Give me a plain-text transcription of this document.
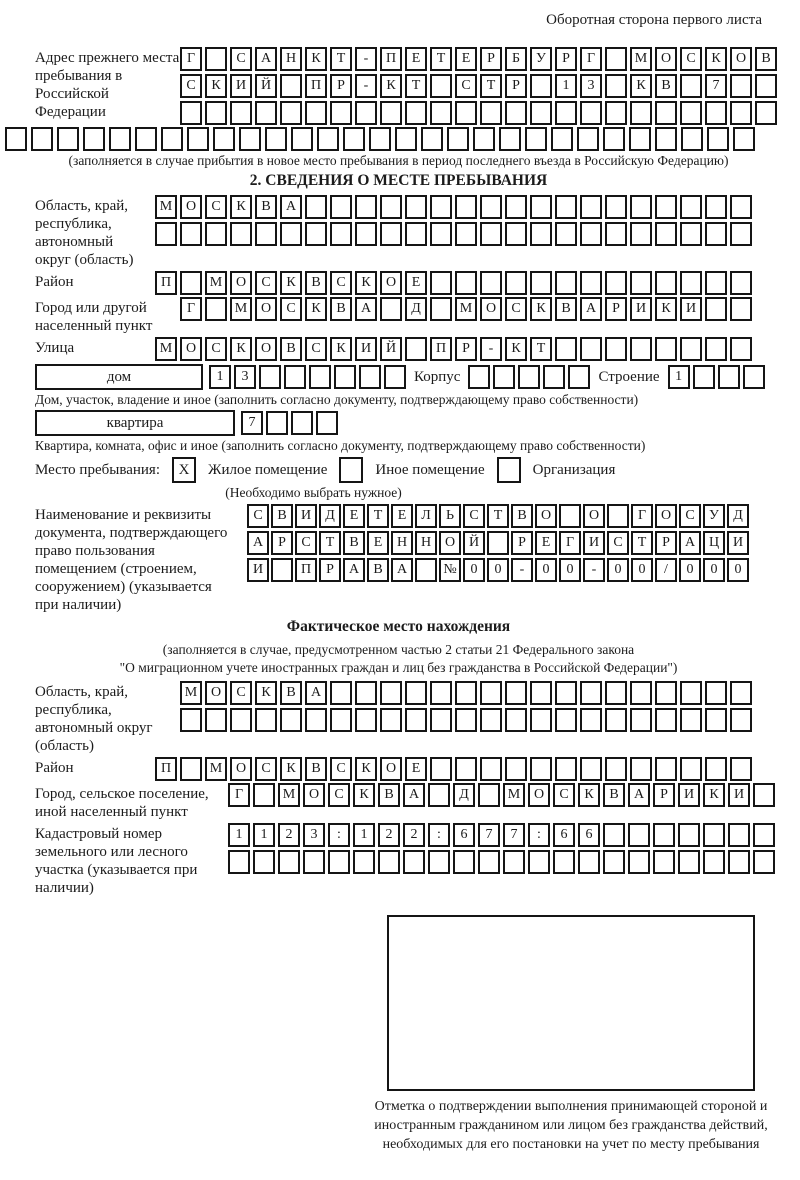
Оборотная сторона первого листа
Адрес прежнего места пребывания в Российской Федерации
Г	С	А	Н	К	Т	-	П	Е	Т	Е	Р	Б	У	Р	Г	М О	С	К	О	В
С	К	И	Й	П	Р	-	К	Т	С	Т	Р	1	3	К	В	7
(заполняется в случае прибытия в новое место пребывания в период последнего въезда в Российскую Федерацию)
2. СВЕДЕНИЯ О МЕСТЕ ПРЕБЫВАНИЯ
Область, край, республика, автономный округ (область)
М О	С	К	В	А
Район	П	М О	С	К	В	С	К	О	Е
Город или другой населенный пункт
Г	М О	С	К	В	А	Д	М О	С	К	В	А	Р	И	К	И
Улица	М О	С	К	О	В	С	К	И	Й	П	Р	-	К	Т
дом	1	3	Корпус	Строение	1
Дом, участок, владение и иное (заполнить согласно документу, подтверждающему право собственности)
квартира	7
Квартира, комната, офис и иное (заполнить согласно документу, подтверждающему право собственности)
Место пребывания:	X	Жилое помещение	Иное помещение	Организация
(Необходимо выбрать нужное)
Наименование и реквизиты документа, подтверждающего право пользования помещением (строением, сооружением) (указывается при наличии)
С	В	И	Д	Е	Т	Е	Л	Ь	С	Т	В	О	О	Г	О	С	У	Д
А	Р	С	Т	В	Е	Н Н О Й	Р	Е	Г	И	С	Т	Р	А Ц И
И	П	Р	А	В	А	№ 0	0	-	0	0	-	0	0	/	0	0	0
Фактическое место нахождения
(заполняется в случае, предусмотренном частью 2 статьи 21 Федерального закона
"О миграционном учете иностранных граждан и лиц без гражданства в Российской Федерации")
Область, край, республика, автономный округ (область)
М О	С	К	В	А
Район	П	М О	С	К	В	С	К	О	Е
Город, сельское поселение, иной населенный пункт
Г	М О	С	К	В	А	Д	М О	С	К	В	А	Р	И	К	И
Кадастровый номер земельного или лесного участка (указывается при наличии)
1	1	2	3	:	1	2	2	:	6	7	7	:	6	6
Отметка о подтверждении выполнения принимающей стороной и иностранным гражданином или лицом без гражданства действий, необходимых для его постановки на учет по месту пребывания
